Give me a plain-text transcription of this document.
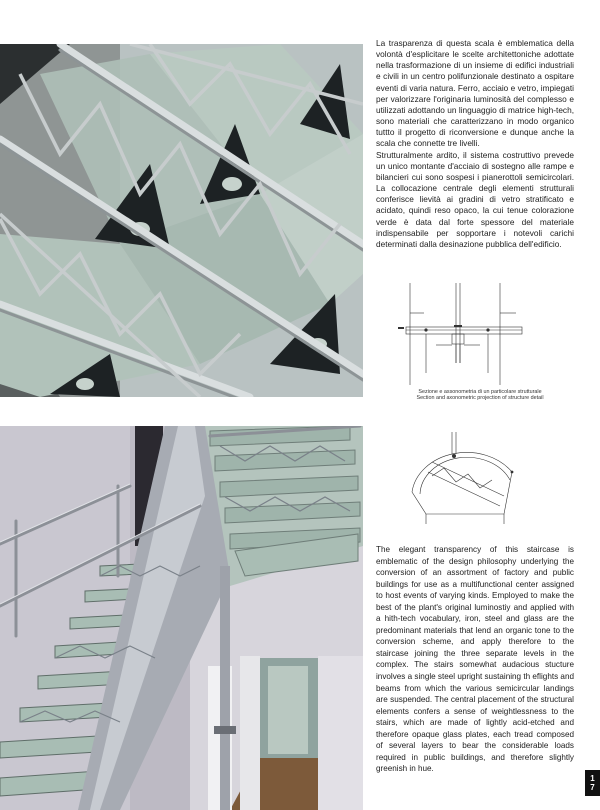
La trasparenza di questa scala è emblematica della volontà d'esplicitare le scelte architettoniche adottate nella trasformazione di un insieme di edifici industriali e civili in un centro polifunzionale destinato a ospitare eventi di varia natura. Ferro, acciaio e vetro, impiegati per valorizzare l'originaria luminosità del complesso e utilizzati adottando un linguaggio di matrice high-tech, sono materiali che caratterizzano in modo organico tuttto il progetto di riconversione e dunque anche la scala che connette tre livelli.

Strutturalmente ardito, il sistema costruttivo prevede un unico montante d'acciaio di sostegno alle rampe e bilancieri cui sono sospesi i pianerottoli semicircolari. La collocazione centrale degli elementi strutturali conferisce lievità ai gradini di vetro stratificato e acidato, quindi reso opaco, la cui tenue colorazione verde è data dal forte spessore del materiale indispensabile per sopportare i notevoli carichi determinati dalla desinazione pubblica dell'edificio.

Sezione e assonometria di un particolare strutturale
Section and axonometric projection of structure detail
The elegant transparency of this staircase is emblematic of the design philosophy underlying the conversion of an assortment of factory and public buildings for use as a multifunctional center assigned to host events of varying kinds. Employed to make the best of the plant's original luminostiy and applied with a hith-tech vocabulary, iron, steel and glass are the predominant materials that lend an organic tone to the conversion scheme, and apply therefore to the staircase joining the three separate levels in the complex. The stairs somewhat audacious stucture involves a single steel upright sustaining th eflights and beams from which the various semicircular landings are suspended. The central placement of the structural elements confers a sense of weightlessness to the stairs, which are made of lightly acid-etched and therefore opaque glass plates, each tread composed of several layers to bear the considerable loads required in public buildings, and therefore slightly greenish in hue.
1
7
